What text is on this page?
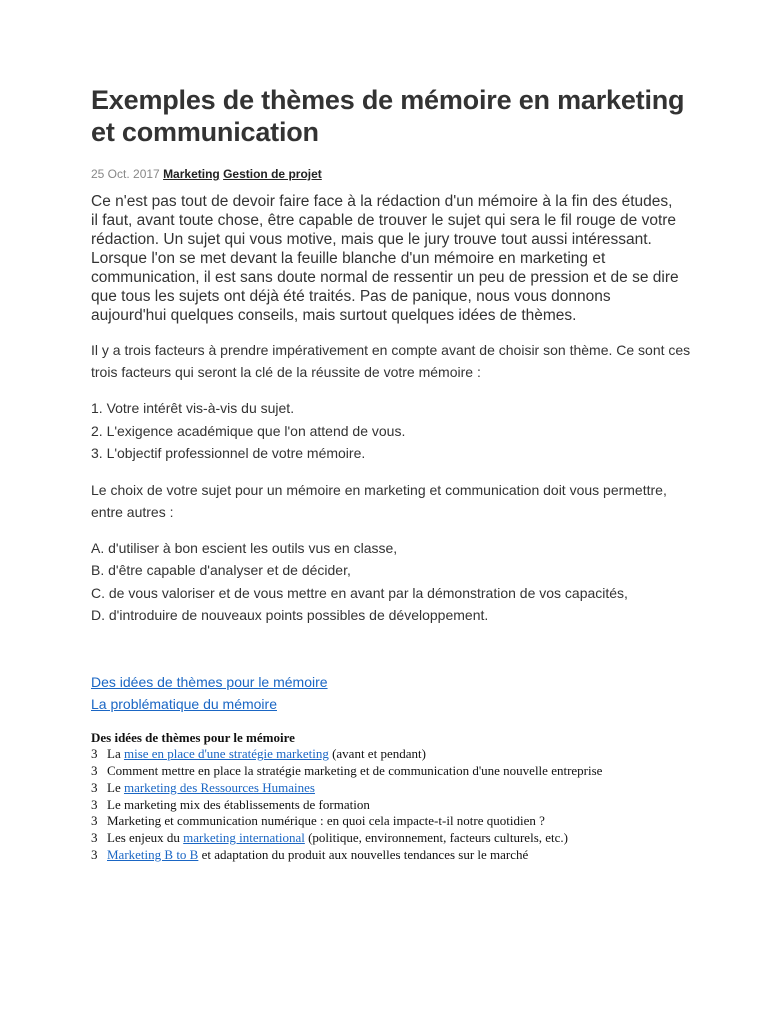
Exemples de thèmes de mémoire en marketing et communication
25 Oct. 2017 Marketing Gestion de projet
Ce n'est pas tout de devoir faire face à la rédaction d'un mémoire à la fin des études, il faut, avant toute chose, être capable de trouver le sujet qui sera le fil rouge de votre rédaction. Un sujet qui vous motive, mais que le jury trouve tout aussi intéressant. Lorsque l'on se met devant la feuille blanche d'un mémoire en marketing et communication, il est sans doute normal de ressentir un peu de pression et de se dire que tous les sujets ont déjà été traités. Pas de panique, nous vous donnons aujourd'hui quelques conseils, mais surtout quelques idées de thèmes.

Il y a trois facteurs à prendre impérativement en compte avant de choisir son thème. Ce sont ces trois facteurs qui seront la clé de la réussite de votre mémoire :

1. Votre intérêt vis-à-vis du sujet.
2. L'exigence académique que l'on attend de vous.
3. L'objectif professionnel de votre mémoire.

Le choix de votre sujet pour un mémoire en marketing et communication doit vous permettre, entre autres :

A. d'utiliser à bon escient les outils vus en classe,
B. d'être capable d'analyser et de décider,
C. de vous valoriser et de vous mettre en avant par la démonstration de vos capacités,
D. d'introduire de nouveaux points possibles de développement.
Des idées de thèmes pour le mémoire
La problématique du mémoire
Des idées de thèmes pour le mémoire
3 La mise en place d'une stratégie marketing (avant et pendant)
3 Comment mettre en place la stratégie marketing et de communication d'une nouvelle entreprise
3 Le marketing des Ressources Humaines
3 Le marketing mix des établissements de formation
3 Marketing et communication numérique : en quoi cela impacte-t-il notre quotidien ?
3 Les enjeux du marketing international (politique, environnement, facteurs culturels, etc.)
3 Marketing B to B et adaptation du produit aux nouvelles tendances sur le marché
